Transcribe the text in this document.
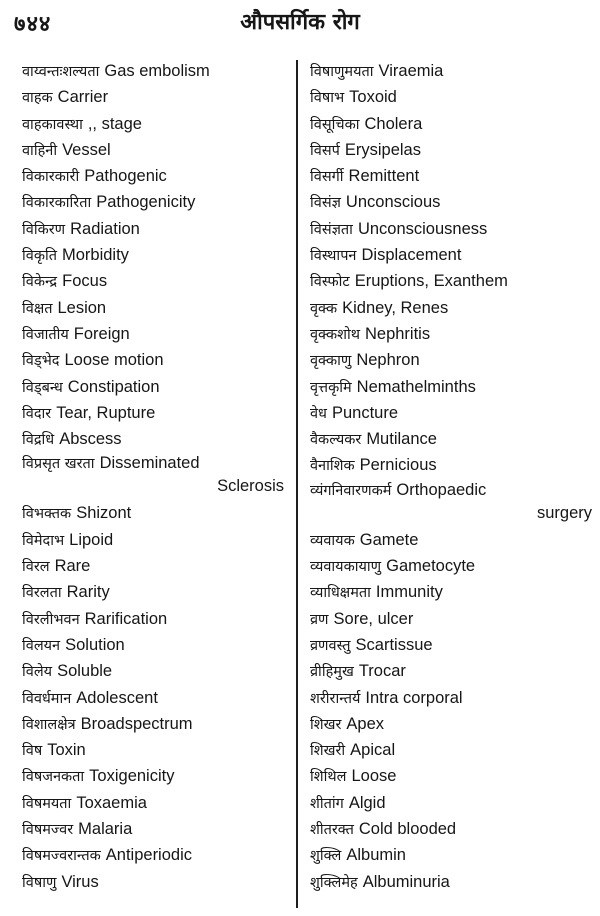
७४४	औपसर्गिक रोग
वाय्वन्तःशल्यता Gas embolism
वाहक Carrier
वाहकावस्था ,, stage
वाहिनी Vessel
विकारकारी Pathogenic
विकारकारिता Pathogenicity
विकिरण Radiation
विकृति Morbidity
विकेन्द्र Focus
विक्षत Lesion
विजातीय Foreign
विड्भेद Loose motion
विड्बन्ध Constipation
विदार Tear, Rupture
विद्रधि Abscess
विप्रसृत खरता Disseminated
Sclerosis
विभक्तक Shizont
विमेदाभ Lipoid
विरल Rare
विरलता Rarity
विरलीभवन Rarification
विलयन Solution
विलेय Soluble
विवर्धमान Adolescent
विशालक्षेत्र Broadspectrum
विष Toxin
विषजनकता Toxigenicity
विषमयता Toxaemia
विषमज्वर Malaria
विषमज्वरान्तक Antiperiodic
विषाणु Virus
विषाणुमयता Viraemia
विषाभ Toxoid
विसूचिका Cholera
विसर्प Erysipelas
विसर्गी Remittent
विसंज्ञ Unconscious
विसंज्ञता Unconsciousness
विस्थापन Displacement
विस्फोट Eruptions, Exanthem
वृक्क Kidney, Renes
वृक्कशोथ Nephritis
वृक्काणु Nephron
वृत्तकृमि Nemathelminths
वेध Puncture
वैकल्यकर Mutilance
वैनाशिक Pernicious
व्यंगनिवारणकर्म Orthopaedic
surgery
व्यवायक Gamete
व्यवायकायाणु Gametocyte
व्याधिक्षमता Immunity
व्रण Sore, ulcer
व्रणवस्तु Scartissue
व्रीहिमुख Trocar
शरीरान्तर्य Intra corporal
शिखर Apex
शिखरी Apical
शिथिल Loose
शीतांग Algid
शीतरक्त Cold blooded
शुक्लि Albumin
शुक्लिमेह Albuminuria
